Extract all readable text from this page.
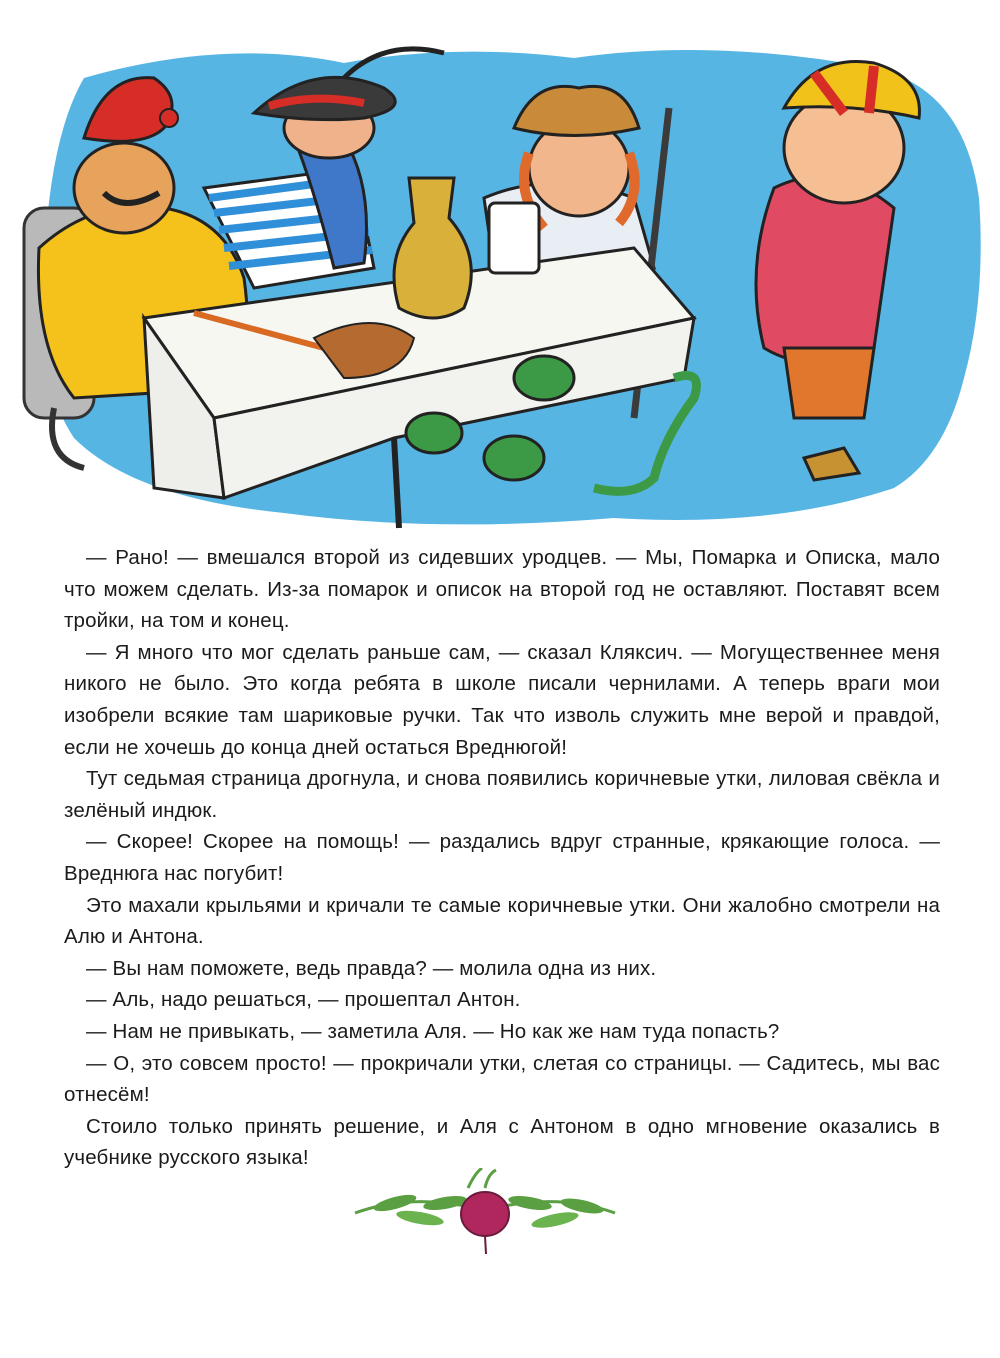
— Рано! — вмешался второй из сидевших уродцев. — Мы, Помарка и Описка, мало что можем сделать. Из-за помарок и описок на второй год не оставляют. Поставят всем тройки, на том и конец.

— Я много что мог сделать раньше сам, — сказал Кляксич. — Могущественнее меня никого не было. Это когда ребята в школе писали чернилами. А теперь враги мои изобрели всякие там шариковые ручки. Так что изволь служить мне верой и правдой, если не хочешь до конца дней остаться Вреднюгой!

Тут седьмая страница дрогнула, и снова появились коричневые утки, лиловая свёкла и зелёный индюк.

— Скорее! Скорее на помощь! — раздались вдруг странные, крякающие голоса. — Вреднюга нас погубит!

Это махали крыльями и кричали те самые коричневые утки. Они жалобно смотрели на Алю и Антона.

— Вы нам поможете, ведь правда? — молила одна из них.

— Аль, надо решаться, — прошептал Антон.

— Нам не привыкать, — заметила Аля. — Но как же нам туда попасть?

— О, это совсем просто! — прокричали утки, слетая со страницы. — Садитесь, мы вас отнесём!

Стоило только принять решение, и Аля с Антоном в одно мгновение оказались в учебнике русского языка!
